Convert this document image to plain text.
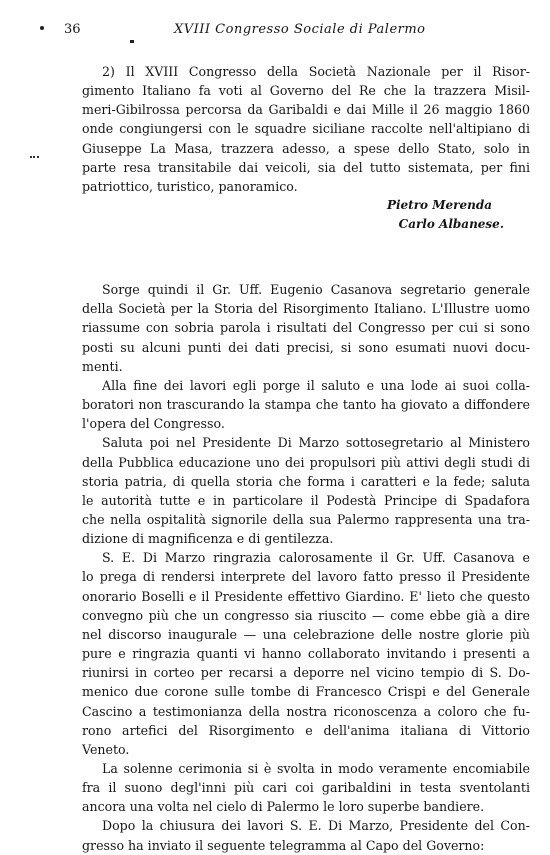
36	XVIII Congresso Sociale di Palermo
2) Il XVIII Congresso della Società Nazionale per il Risor-
gimento Italiano fa voti al Governo del Re che la trazzera Misil-
meri-Gibilrossa percorsa da Garibaldi e dai Mille il 26 maggio 1860
onde congiungersi con le squadre siciliane raccolte nell'altipiano di
Giuseppe La Masa, trazzera adesso, a spese dello Stato, solo in
parte resa transitabile dai veicoli, sia del tutto sistemata, per fini
patriottico, turistico, panoramico.
Pietro Merenda
Carlo Albanese.
Sorge quindi il Gr. Uff. Eugenio Casanova segretario generale
della Società per la Storia del Risorgimento Italiano. L'Illustre uomo
riassume con sobria parola i risultati del Congresso per cui si sono
posti su alcuni punti dei dati precisi, si sono esumati nuovi docu-
menti.
Alla fine dei lavori egli porge il saluto e una lode ai suoi colla-
boratori non trascurando la stampa che tanto ha giovato a diffondere
l'opera del Congresso.
Saluta poi nel Presidente Di Marzo sottosegretario al Ministero
della Pubblica educazione uno dei propulsori più attivi degli studi di
storia patria, di quella storia che forma i caratteri e la fede; saluta
le autorità tutte e in particolare il Podestà Principe di Spadafora
che nella ospitalità signorile della sua Palermo rappresenta una tra-
dizione di magnificenza e di gentilezza.
S. E. Di Marzo ringrazia calorosamente il Gr. Uff. Casanova e
lo prega di rendersi interprete del lavoro fatto presso il Presidente
onorario Boselli e il Presidente effettivo Giardino. E' lieto che questo
convegno più che un congresso sia riuscito — come ebbe già a dire
nel discorso inaugurale — una celebrazione delle nostre glorie più
pure e ringrazia quanti vi hanno collaborato invitando i presenti a
riunirsi in corteo per recarsi a deporre nel vicino tempio di S. Do-
menico due corone sulle tombe di Francesco Crispi e del Generale
Cascino a testimonianza della nostra riconoscenza a coloro che fu-
rono artefici del Risorgimento e dell'anima italiana di Vittorio
Veneto.
La solenne cerimonia si è svolta in modo veramente encomiabile
fra il suono degl'inni più cari coi garibaldini in testa sventolanti
ancora una volta nel cielo di Palermo le loro superbe bandiere.
Dopo la chiusura dei lavori S. E. Di Marzo, Presidente del Con-
gresso ha inviato il seguente telegramma al Capo del Governo:
